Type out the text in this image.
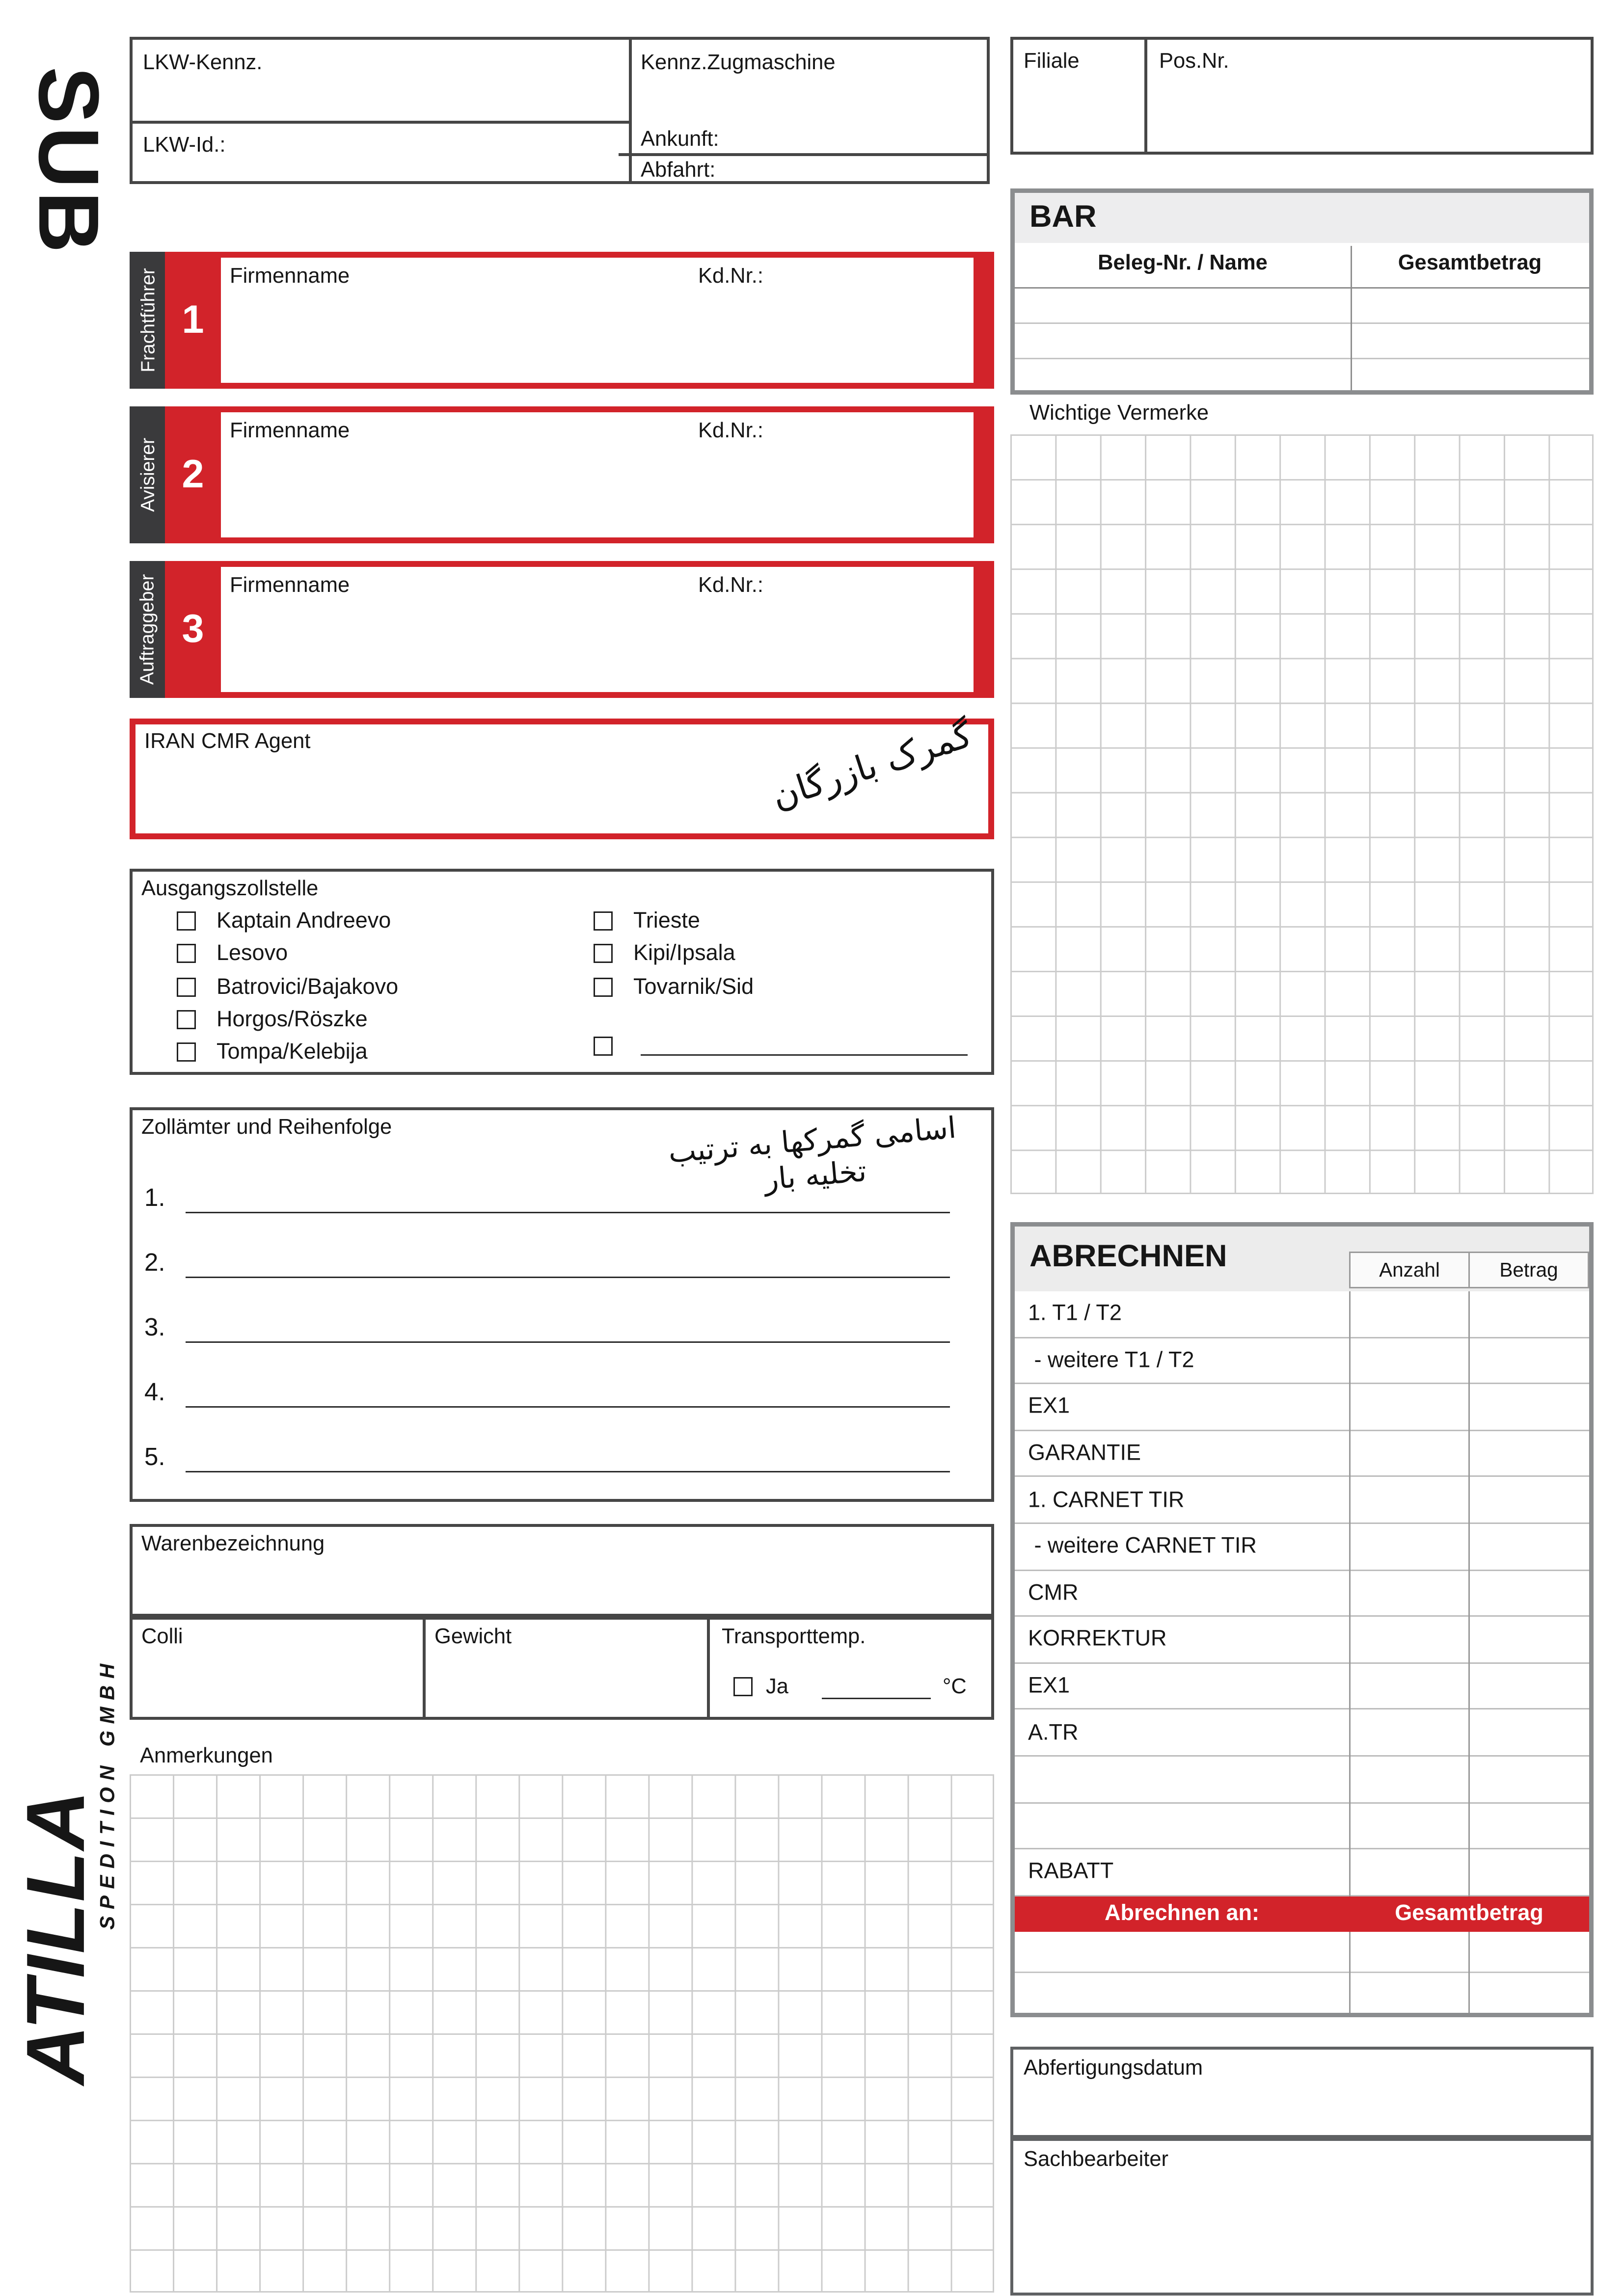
SUB
ATILLA
SPEDITION GMBH
LKW-Kennz.
LKW-Id.:
Kennz.Zugmaschine
Ankunft:
Abfahrt:
Filiale	Pos.Nr.
BAR
Beleg-Nr. / Name	Gesamtbetrag
Frachtführer	1
Firmenname	Kd.Nr.:
Avisierer	2
Firmenname	Kd.Nr.:
Auftraggeber	3
Firmenname	Kd.Nr.:
IRAN CMR Agent	گمرک بازرگان
Wichtige Vermerke
Ausgangszollstelle
Kaptain Andreevo
Lesovo
Batrovici/Bajakovo
Horgos/Röszke
Tompa/Kelebija
Trieste
Kipi/Ipsala
Tovarnik/Sid
Zollämter und Reihenfolge	اسامی گمرکها به ترتیب تخلیه بار
1.
2.
3.
4.
5.
Warenbezeichnung
Colli	Gewicht	Transporttemp.
Ja	°C
Anmerkungen
ABRECHNEN	Anzahl	Betrag
1. T1 / T2
- weitere T1 / T2
EX1
GARANTIE
1. CARNET TIR
- weitere CARNET TIR
CMR
KORREKTUR
EX1
A.TR
RABATT
Abrechnen an:	Gesamtbetrag
Abfertigungsdatum
Sachbearbeiter
